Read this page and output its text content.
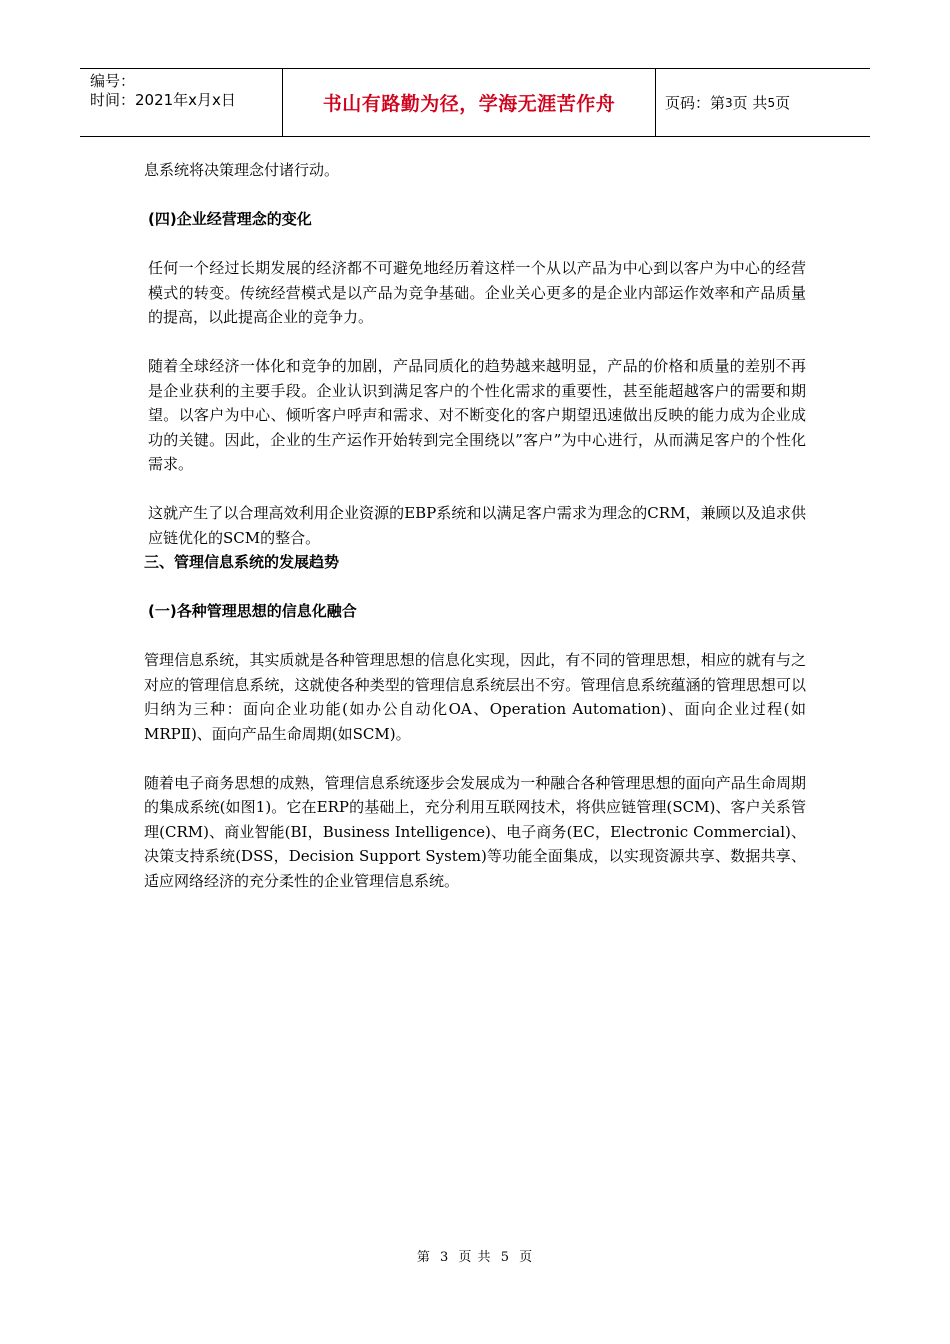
编号：
时间：2021年x月x日	书山有路勤为径，学海无涯苦作舟	页码：第 3 页 共 5 页

息系统将决策理念付诸行动。

(四)企业经营理念的变化

任何一个经过长期发展的经济都不可避免地经历着这样一个从以产品为中心到以客户为中心的经营模式的转变。传统经营模式是以产品为竞争基础。企业关心更多的是企业内部运作效率和产品质量的提高，以此提高企业的竞争力。

随着全球经济一体化和竞争的加剧，产品同质化的趋势越来越明显，产品的价格和质量的差别不再是企业获利的主要手段。企业认识到满足客户的个性化需求的重要性，甚至能超越客户的需要和期望。以客户为中心、倾听客户呼声和需求、对不断变化的客户期望迅速做出反映的能力成为企业成功的关键。因此，企业的生产运作开始转到完全围绕以”客户”为中心进行，从而满足客户的个性化需求。

这就产生了以合理高效利用企业资源的EBP系统和以满足客户需求为理念的CRM，兼顾以及追求供应链优化的SCM的整合。

三、管理信息系统的发展趋势
(一)各种管理思想的信息化融合

管理信息系统，其实质就是各种管理思想的信息化实现，因此，有不同的管理思想，相应的就有与之对应的管理信息系统，这就使各种类型的管理信息系统层出不穷。管理信息系统蕴涵的管理思想可以归纳为三种：面向企业功能(如办公自动化OA、Operation Automation)、面向企业过程(如MRPⅡ)、面向产品生命周期(如SCM)。

随着电子商务思想的成熟，管理信息系统逐步会发展成为一种融合各种管理思想的面向产品生命周期的集成系统(如图1)。它在ERP的基础上，充分利用互联网技术，将供应链管理(SCM)、客户关系管理(CRM)、商业智能(BI，Business Intelligence)、电子商务(EC，Electronic Commercial)、 决策支持系统(DSS，Decision Support System)等功能全面集成，以实现资源共享、数据共享、适应网络经济的充分柔性的企业管理信息系统。

第 3 页 共 5 页
